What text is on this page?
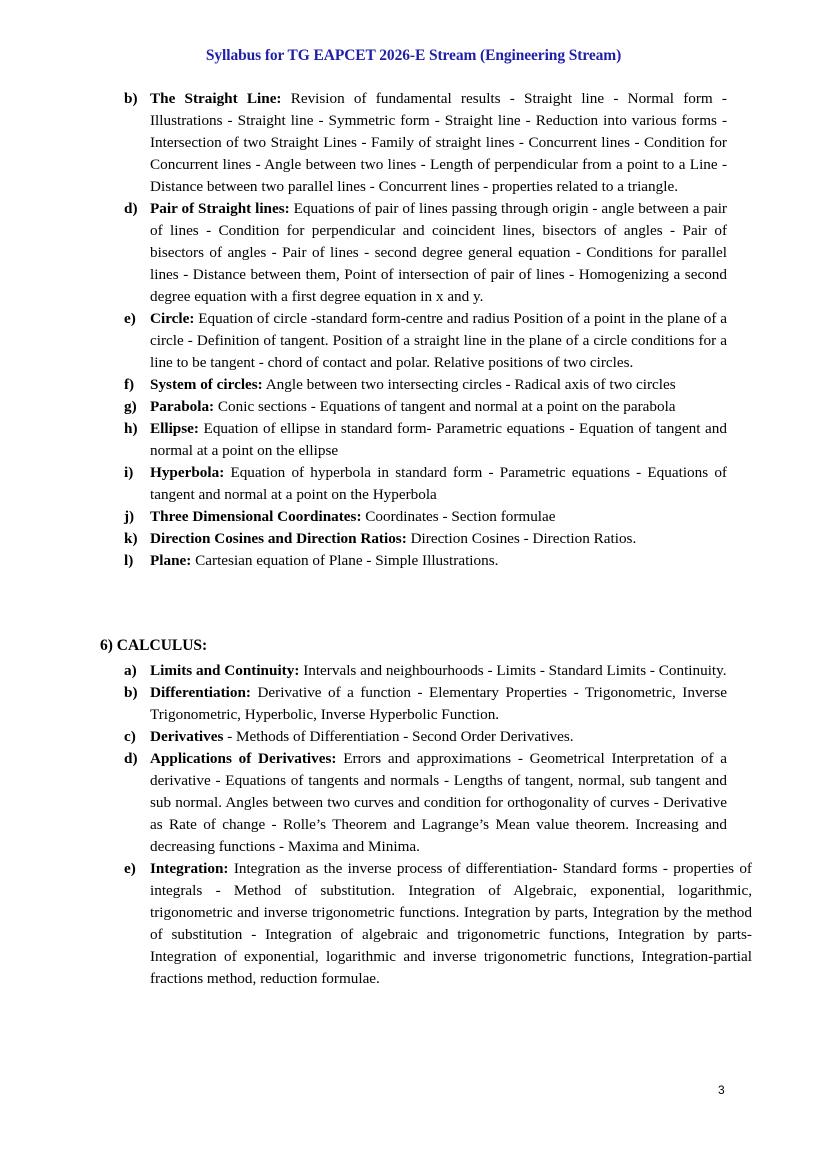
Syllabus for TG EAPCET 2026-E Stream (Engineering Stream)
b) The Straight Line: Revision of fundamental results - Straight line - Normal form - Illustrations - Straight line - Symmetric form - Straight line - Reduction into various forms - Intersection of two Straight Lines - Family of straight lines - Concurrent lines - Condition for Concurrent lines - Angle between two lines - Length of perpendicular from a point to a Line - Distance between two parallel lines - Concurrent lines - properties related to a triangle.
d) Pair of Straight lines: Equations of pair of lines passing through origin - angle between a pair of lines - Condition for perpendicular and coincident lines, bisectors of angles - Pair of bisectors of angles - Pair of lines - second degree general equation - Conditions for parallel lines - Distance between them, Point of intersection of pair of lines - Homogenizing a second degree equation with a first degree equation in x and y.
e) Circle: Equation of circle -standard form-centre and radius Position of a point in the plane of a circle - Definition of tangent. Position of a straight line in the plane of a circle conditions for a line to be tangent - chord of contact and polar. Relative positions of two circles.
f)	System of circles: Angle between two intersecting circles - Radical axis of two circles
g) Parabola: Conic sections - Equations of tangent and normal at a point on the parabola
h) Ellipse: Equation of ellipse in standard form- Parametric equations - Equation of tangent and normal at a point on the ellipse
i)	Hyperbola: Equation of hyperbola in standard form - Parametric equations - Equations of tangent and normal at a point on the Hyperbola
j)	Three Dimensional Coordinates: Coordinates - Section formulae
k) Direction Cosines and Direction Ratios: Direction Cosines - Direction Ratios.
l)	Plane: Cartesian equation of Plane - Simple Illustrations.
6) CALCULUS:
a) Limits and Continuity: Intervals and neighbourhoods - Limits - Standard Limits - Continuity.
b) Differentiation: Derivative of a function - Elementary Properties - Trigonometric, Inverse Trigonometric, Hyperbolic, Inverse Hyperbolic Function.
c) Derivatives - Methods of Differentiation - Second Order Derivatives.
d) Applications of Derivatives: Errors and approximations - Geometrical Interpretation of a derivative - Equations of tangents and normals - Lengths of tangent, normal, sub tangent and sub normal. Angles between two curves and condition for orthogonality of curves - Derivative as Rate of change - Rolle’s Theorem and Lagrange’s Mean value theorem. Increasing and decreasing functions - Maxima and Minima.
e) Integration: Integration as the inverse process of differentiation- Standard forms - properties of integrals - Method of substitution. Integration of Algebraic, exponential, logarithmic, trigonometric and inverse trigonometric functions. Integration by parts, Integration by the method of substitution - Integration of algebraic and trigonometric functions, Integration by parts- Integration of exponential, logarithmic and inverse trigonometric functions, Integration-partial fractions method, reduction formulae.
3
